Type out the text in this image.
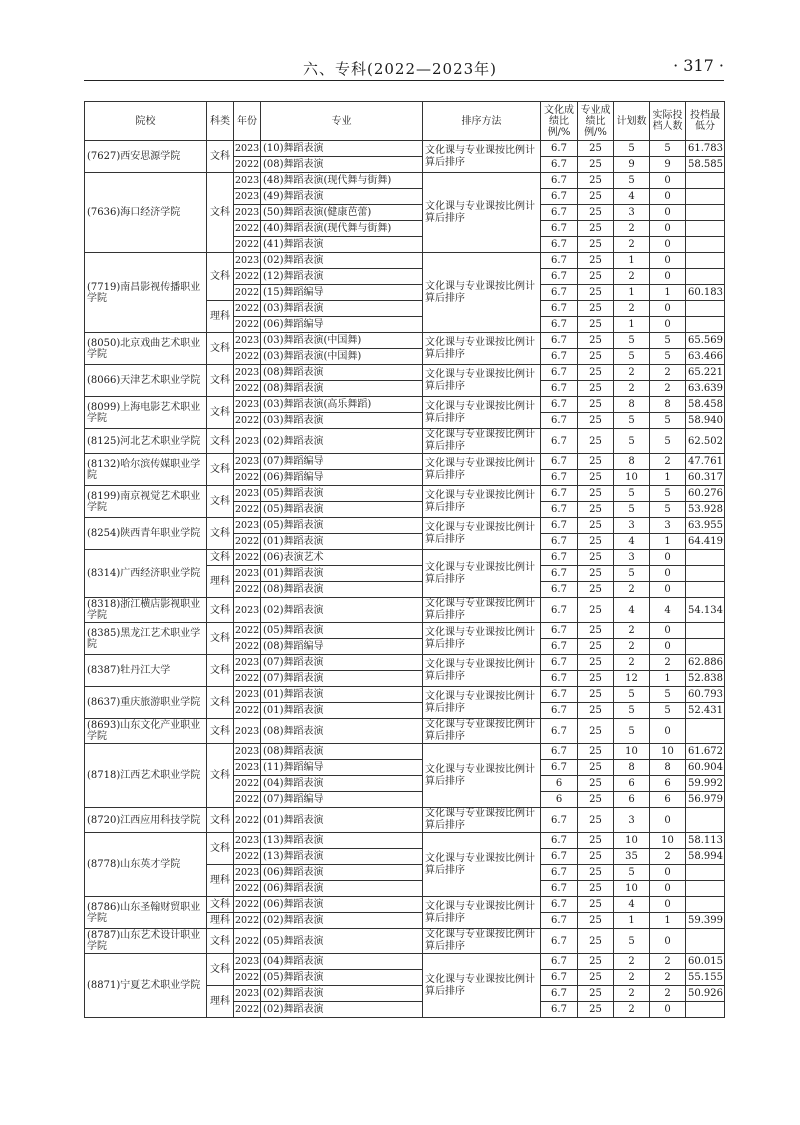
六、专科(2022—2023年)	· 317 ·
院校	科类	年份	专业	排序方法	文化成绩比例/%	专业成绩比例/%	计划数	实际投档人数	投档最低分
(7627)西安思源学院	文科	2023	(10)舞蹈表演	文化课与专业课按比例计算后排序	6.7	25	5	5	61.783
		2022	(08)舞蹈表演		6.7	25	9	9	58.585
(7636)海口经济学院	文科	2023	(48)舞蹈表演(现代舞与街舞)	文化课与专业课按比例计算后排序	6.7	25	5	0	
		2023	(49)舞蹈表演		6.7	25	4	0	
		2023	(50)舞蹈表演(健康芭蕾)		6.7	25	3	0	
		2022	(40)舞蹈表演(现代舞与街舞)		6.7	25	2	0	
		2022	(41)舞蹈表演		6.7	25	2	0	
(7719)南昌影视传播职业学院	文科	2023	(02)舞蹈表演	文化课与专业课按比例计算后排序	6.7	25	1	0	
		2022	(12)舞蹈表演		6.7	25	2	0	
		2022	(15)舞蹈编导		6.7	25	1	1	60.183
	理科	2022	(03)舞蹈表演		6.7	25	2	0	
		2022	(06)舞蹈编导		6.7	25	1	0	
(8050)北京戏曲艺术职业学院	文科	2023	(03)舞蹈表演(中国舞)	文化课与专业课按比例计算后排序	6.7	25	5	5	65.569
		2022	(03)舞蹈表演(中国舞)		6.7	25	5	5	63.466
(8066)天津艺术职业学院	文科	2023	(08)舞蹈表演	文化课与专业课按比例计算后排序	6.7	25	2	2	65.221
		2022	(08)舞蹈表演		6.7	25	2	2	63.639
(8099)上海电影艺术职业学院	文科	2023	(03)舞蹈表演(高乐舞蹈)	文化课与专业课按比例计算后排序	6.7	25	8	8	58.458
		2022	(03)舞蹈表演		6.7	25	5	5	58.940
(8125)河北艺术职业学院	文科	2023	(02)舞蹈表演	文化课与专业课按比例计算后排序	6.7	25	5	5	62.502
(8132)哈尔滨传媒职业学院	文科	2023	(07)舞蹈编导	文化课与专业课按比例计算后排序	6.7	25	8	2	47.761
		2022	(06)舞蹈编导		6.7	25	10	1	60.317
(8199)南京视觉艺术职业学院	文科	2023	(05)舞蹈表演	文化课与专业课按比例计算后排序	6.7	25	5	5	60.276
		2022	(05)舞蹈表演		6.7	25	5	5	53.928
(8254)陕西青年职业学院	文科	2023	(05)舞蹈表演	文化课与专业课按比例计算后排序	6.7	25	3	3	63.955
		2022	(01)舞蹈表演		6.7	25	4	1	64.419
(8314)广西经济职业学院	文科	2022	(06)表演艺术	文化课与专业课按比例计算后排序	6.7	25	3	0	
	理科	2023	(01)舞蹈表演		6.7	25	5	0	
		2022	(08)舞蹈表演		6.7	25	2	0	
(8318)浙江横店影视职业学院	文科	2023	(02)舞蹈表演	文化课与专业课按比例计算后排序	6.7	25	4	4	54.134
(8385)黑龙江艺术职业学院	文科	2022	(05)舞蹈表演	文化课与专业课按比例计算后排序	6.7	25	2	0	
		2022	(08)舞蹈编导		6.7	25	2	0	
(8387)牡丹江大学	文科	2023	(07)舞蹈表演	文化课与专业课按比例计算后排序	6.7	25	2	2	62.886
		2022	(07)舞蹈表演		6.7	25	12	1	52.838
(8637)重庆旅游职业学院	文科	2023	(01)舞蹈表演	文化课与专业课按比例计算后排序	6.7	25	5	5	60.793
		2022	(01)舞蹈表演		6.7	25	5	5	52.431
(8693)山东文化产业职业学院	文科	2023	(08)舞蹈表演	文化课与专业课按比例计算后排序	6.7	25	5	0	
(8718)江西艺术职业学院	文科	2023	(08)舞蹈表演	文化课与专业课按比例计算后排序	6.7	25	10	10	61.672
		2023	(11)舞蹈编导		6.7	25	8	8	60.904
		2022	(04)舞蹈表演		6	25	6	6	59.992
		2022	(07)舞蹈编导		6	25	6	6	56.979
(8720)江西应用科技学院	文科	2022	(01)舞蹈表演	文化课与专业课按比例计算后排序	6.7	25	3	0	
(8778)山东英才学院	文科	2023	(13)舞蹈表演	文化课与专业课按比例计算后排序	6.7	25	10	10	58.113
		2022	(13)舞蹈表演		6.7	25	35	2	58.994
	理科	2023	(06)舞蹈表演		6.7	25	5	0	
		2022	(06)舞蹈表演		6.7	25	10	0	
(8786)山东圣翰财贸职业学院	文科	2022	(06)舞蹈表演	文化课与专业课按比例计算后排序	6.7	25	4	0	
	理科	2022	(02)舞蹈表演		6.7	25	1	1	59.399
(8787)山东艺术设计职业学院	文科	2022	(05)舞蹈表演	文化课与专业课按比例计算后排序	6.7	25	5	0	
(8871)宁夏艺术职业学院	文科	2023	(04)舞蹈表演	文化课与专业课按比例计算后排序	6.7	25	2	2	60.015
		2022	(05)舞蹈表演		6.7	25	2	2	55.155
	理科	2023	(02)舞蹈表演		6.7	25	2	2	50.926
		2022	(02)舞蹈表演		6.7	25	2	0	
